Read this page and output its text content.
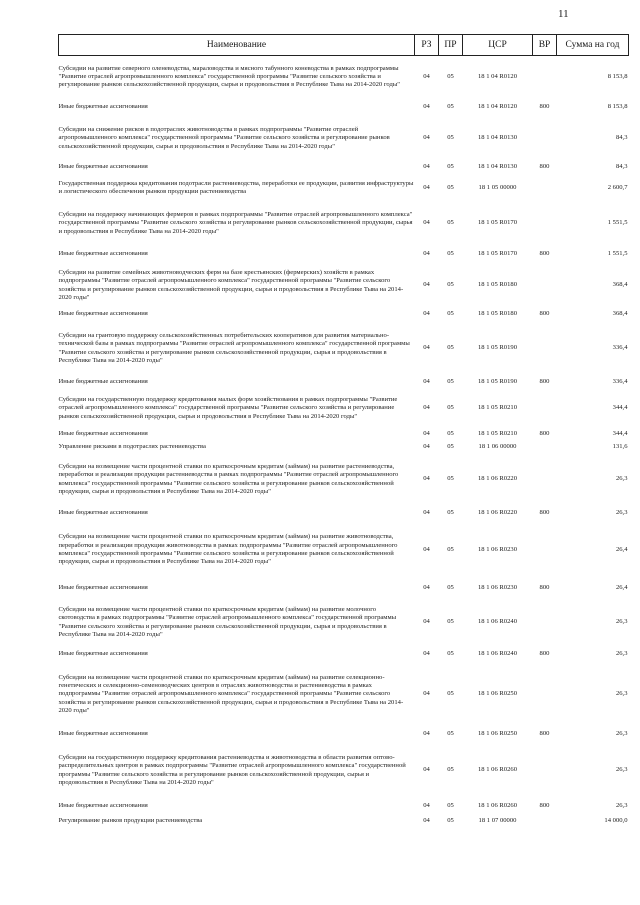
11
Наименование	РЗ	ПР	ЦСР	ВР	Сумма на год
Субсидии на развитие северного оленеводства, мараловодства и мясного табунного коневодства в рамках подпрограммы "Развитие отраслей агропромышленного комплекса" государственной программы "Развитие сельского хозяйства и регулирование рынков сельскохозяйственной продукции, сырья и продовольствия в Республике Тыва на 2014-2020 годы"	04	05	18 1 04 R0120		8 153,8
Иные бюджетные ассигнования	04	05	18 1 04 R0120	800	8 153,8
Субсидии на снижение рисков в подотраслях животноводства в рамках подпрограммы "Развитие отраслей агропромышленного комплекса" государственной программы "Развитие сельского хозяйства и регулирование рынков сельскохозяйственной продукции, сырья и продовольствия в Республике Тыва на 2014-2020 годы"	04	05	18 1 04 R0130		84,3
Иные бюджетные ассигнования	04	05	18 1 04 R0130	800	84,3
Государственная поддержка кредитования подотрасли растениеводства, переработки ее продукции, развития инфраструктуры и логистического обеспечения рынков продукции растениеводства	04	05	18 1 05 00000		2 600,7
Субсидии на поддержку начинающих фермеров в рамках подпрограммы "Развитие отраслей агропромышленного комплекса" государственной программы "Развитие сельского хозяйства и регулирование рынков сельскохозяйственной продукции, сырья и продовольствия в Республике Тыва на 2014-2020 годы"	04	05	18 1 05 R0170		1 551,5
Иные бюджетные ассигнования	04	05	18 1 05 R0170	800	1 551,5
Субсидии на развитие семейных животноводческих ферм на базе крестьянских (фермерских) хозяйств в рамках подпрограммы "Развитие отраслей агропромышленного комплекса" государственной программы "Развитие сельского хозяйства и регулирование рынков сельскохозяйственной продукции, сырья и продовольствия в Республике Тыва на 2014-2020 годы"	04	05	18 1 05 R0180		368,4
Иные бюджетные ассигнования	04	05	18 1 05 R0180	800	368,4
Субсидии на грантовую поддержку сельскохозяйственных потребительских кооперативов для развития материально-технической базы в рамках подпрограммы "Развитие отраслей агропромышленного комплекса" государственной программы "Развитие сельского хозяйства и регулирование рынков сельскохозяйственной продукции, сырья и продовольствия в Республике Тыва на 2014-2020 годы"	04	05	18 1 05 R0190		336,4
Иные бюджетные ассигнования	04	05	18 1 05 R0190	800	336,4
Субсидии на государственную поддержку кредитования малых форм хозяйствования в рамках подпрограммы "Развитие отраслей агропромышленного комплекса" государственной программы "Развитие сельского хозяйства и регулирование рынков сельскохозяйственной продукции, сырья и продовольствия в Республике Тыва на 2014-2020 годы"	04	05	18 1 05 R0210		344,4
Иные бюджетные ассигнования	04	05	18 1 05 R0210	800	344,4
Управление рисками в подотраслях растениеводства	04	05	18 1 06 00000		131,6
Субсидии на возмещение части процентной ставки по краткосрочным кредитам (займам) на развитие растениеводства, переработки и реализации продукции растениеводства в рамках подпрограммы "Развитие отраслей агропромышленного комплекса" государственной программы "Развитие сельского хозяйства и регулирование рынков сельскохозяйственной продукции, сырья и продовольствия в Республике Тыва на 2014-2020 годы"	04	05	18 1 06 R0220		26,3
Иные бюджетные ассигнования	04	05	18 1 06 R0220	800	26,3
Субсидии на возмещение части процентной ставки по краткосрочным кредитам (займам) на развитие животноводства, переработки и реализации продукции животноводства в рамках подпрограммы "Развитие отраслей агропромышленного комплекса" государственной программы "Развитие сельского хозяйства и регулирование рынков сельскохозяйственной продукции, сырья и продовольствия в Республике Тыва на 2014-2020 годы"	04	05	18 1 06 R0230		26,4
Иные бюджетные ассигнования	04	05	18 1 06 R0230	800	26,4
Субсидии на возмещение части процентной ставки по краткосрочным кредитам (займам) на развитие молочного скотоводства в рамках подпрограммы "Развитие отраслей агропромышленного комплекса" государственной программы "Развитие сельского хозяйства и регулирование рынков сельскохозяйственной продукции, сырья и продовольствия в Республике Тыва на 2014-2020 годы"	04	05	18 1 06 R0240		26,3
Иные бюджетные ассигнования	04	05	18 1 06 R0240	800	26,3
Субсидии на возмещение части процентной ставки по краткосрочным кредитам (займам) на развитие селекционно-генетических и селекционно-семеноводческих центров в отраслях животноводства и растениеводства в рамках подпрограммы "Развитие отраслей агропромышленного комплекса" государственной программы "Развитие сельского хозяйства и регулирование рынков сельскохозяйственной продукции, сырья и продовольствия в Республике Тыва на 2014-2020 годы"	04	05	18 1 06 R0250		26,3
Иные бюджетные ассигнования	04	05	18 1 06 R0250	800	26,3
Субсидии на государственную поддержку кредитования растениеводства и животноводства в области развития оптово-распределительных центров в рамках подпрограммы "Развитие отраслей агропромышленного комплекса" государственной программы "Развитие сельского хозяйства и регулирование рынков сельскохозяйственной продукции, сырья и продовольствия в Республике Тыва на 2014-2020 годы"	04	05	18 1 06 R0260		26,3
Иные бюджетные ассигнования	04	05	18 1 06 R0260	800	26,3
Регулирование рынков продукции растениеводства	04	05	18 1 07 00000		14 000,0
